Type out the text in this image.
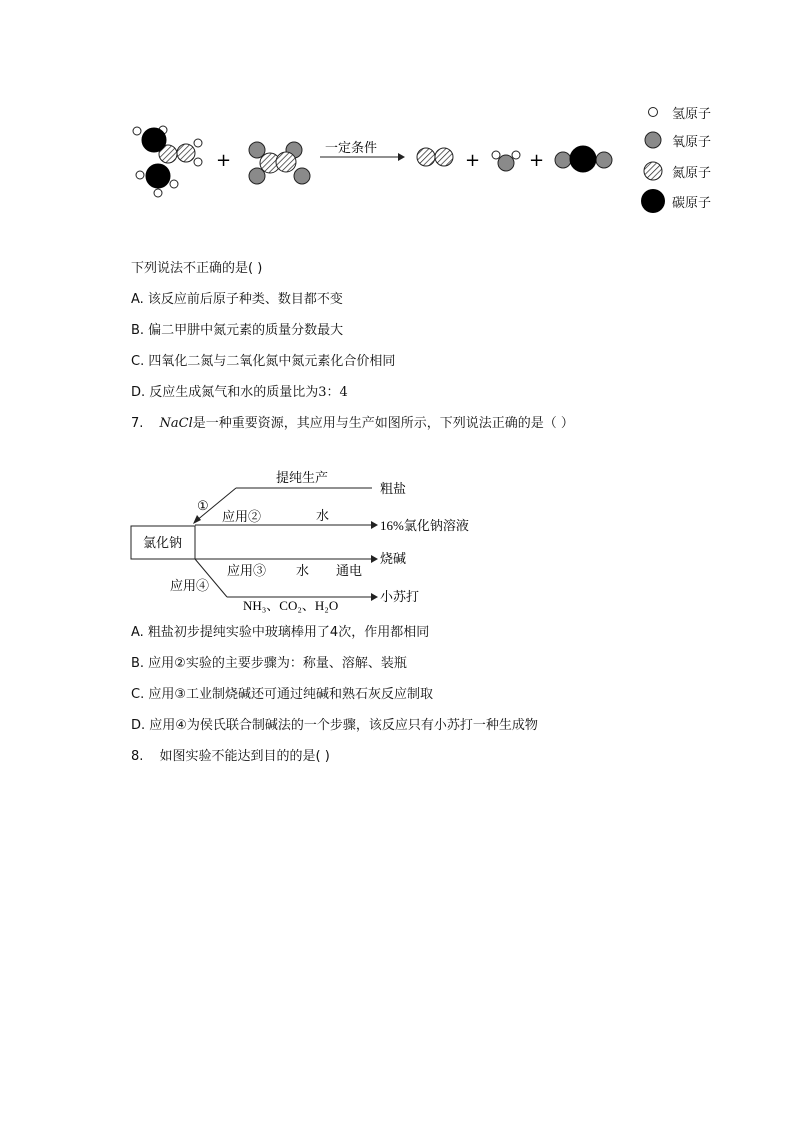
+
一定条件
+	+
氢原子
氧原子
氮原子
碳原子
下列说法不正确的是( )
A. 该反应前后原子种类、数目都不变
B. 偏二甲肼中氮元素的质量分数最大
C. 四氧化二氮与二氧化氮中氮元素化合价相同
D. 反应生成氮气和水的质量比为3：4
7. NaCl是一种重要资源，其应用与生产如图所示，下列说法正确的是（ ）
氯化钠
提纯生产
粗盐
①
应用②	水
16%氯化钠溶液
应用③ 水 通电
烧碱
应用④
NH₃、CO₂、H₂O
小苏打
A. 粗盐初步提纯实验中玻璃棒用了4次，作用都相同
B. 应用②实验的主要步骤为：称量、溶解、装瓶
C. 应用③工业制烧碱还可通过纯碱和熟石灰反应制取
D. 应用④为侯氏联合制碱法的一个步骤，该反应只有小苏打一种生成物
8. 如图实验不能达到目的的是( )
